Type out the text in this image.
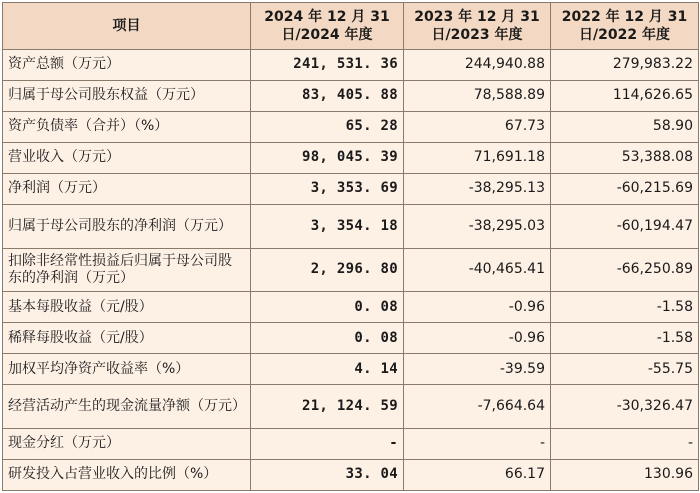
项目	2024 年 12 月 31 日/2024 年度	2023 年 12 月 31 日/2023 年度	2022 年 12 月 31 日/2022 年度
资产总额（万元）	241, 531. 36	244,940.88	279,983.22
归属于母公司股东权益（万元）	83, 405. 88	78,588.89	114,626.65
资产负债率（合并）（%）	65. 28	67.73	58.90
营业收入（万元）	98, 045. 39	71,691.18	53,388.08
净利润（万元）	3, 353. 69	-38,295.13	-60,215.69
归属于母公司股东的净利润（万元）	3, 354. 18	-38,295.03	-60,194.47
扣除非经常性损益后归属于母公司股东的净利润（万元）	2, 296. 80	-40,465.41	-66,250.89
基本每股收益（元/股）	0. 08	-0.96	-1.58
稀释每股收益（元/股）	0. 08	-0.96	-1.58
加权平均净资产收益率（%）	4. 14	-39.59	-55.75
经营活动产生的现金流量净额（万元）	21, 124. 59	-7,664.64	-30,326.47
现金分红（万元）	-	-	-
研发投入占营业收入的比例（%）	33. 04	66.17	130.96
